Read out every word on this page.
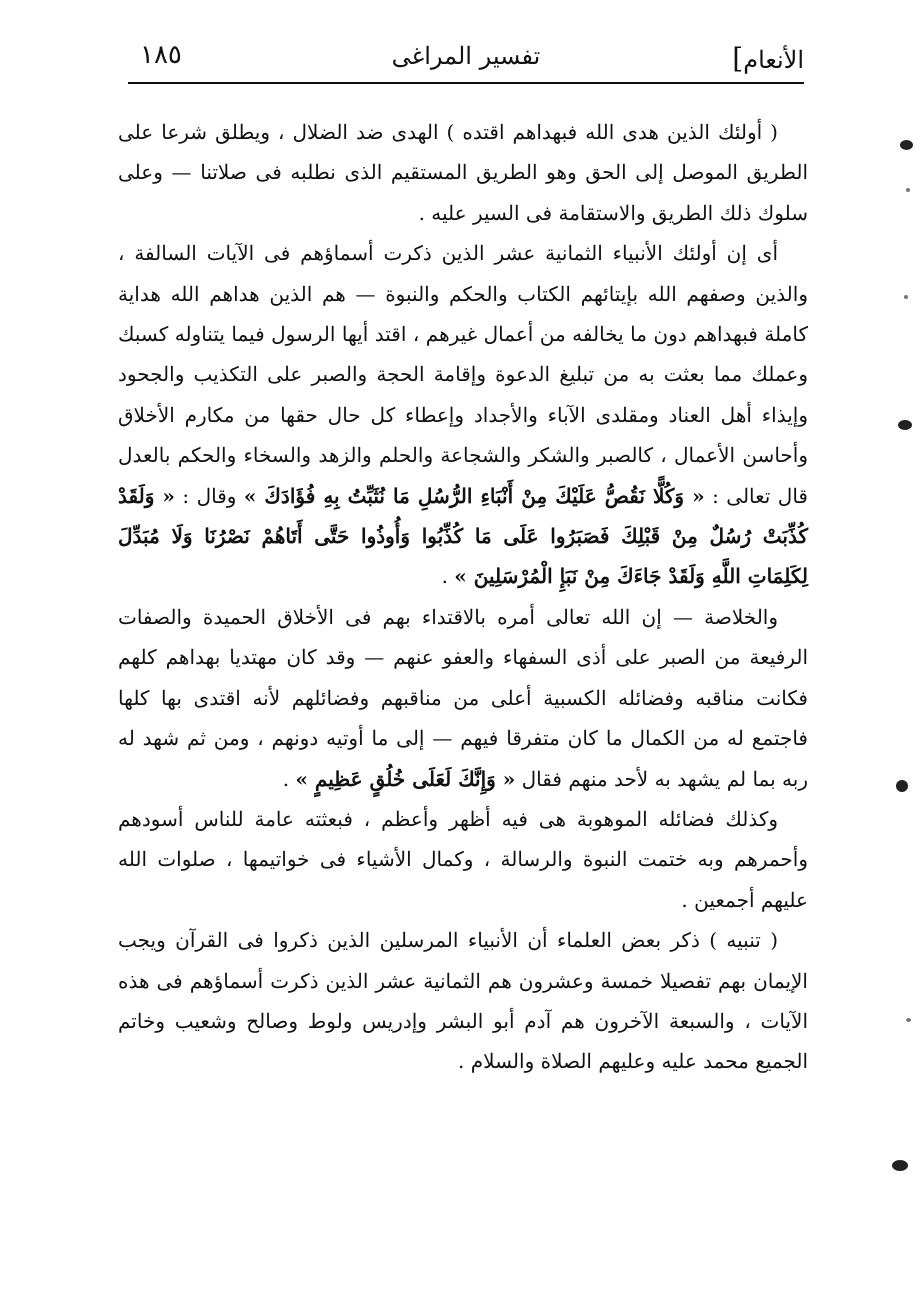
الأنعام]
تفسير المراغى
١٨٥

( أولئك الذين هدى الله فبهداهم اقتده ) الهدى ضد الضلال ، ويطلق شرعا على الطريق الموصل إلى الحق وهو الطريق المستقيم الذى نطلبه فى صلاتنا — وعلى سلوك ذلك الطريق والاستقامة فى السير عليه .

أى إن أولئك الأنبياء الثمانية عشر الذين ذكرت أسماؤهم فى الآيات السالفة ، والذين وصفهم الله بإيتائهم الكتاب والحكم والنبوة — هم الذين هداهم الله هداية كاملة فبهداهم دون ما يخالفه من أعمال غيرهم ، اقتد أيها الرسول فيما يتناوله كسبك وعملك مما بعثت به من تبليغ الدعوة وإقامة الحجة والصبر على التكذيب والجحود وإيذاء أهل العناد ومقلدى الآباء والأجداد وإعطاء كل حال حقها من مكارم الأخلاق وأحاسن الأعمال ، كالصبر والشكر والشجاعة والحلم والزهد والسخاء والحكم بالعدل قال تعالى : « وَكُلًّا نَقُصُّ عَلَيْكَ مِنْ أَنْبَاءِ الرُّسُلِ مَا نُثَبِّتُ بِهِ فُؤَادَكَ » وقال : « وَلَقَدْ كُذِّبَتْ رُسُلٌ مِنْ قَبْلِكَ فَصَبَرُوا عَلَى مَا كُذِّبُوا وَأُوذُوا حَتَّى أَتَاهُمْ نَصْرُنَا وَلَا مُبَدِّلَ لِكَلِمَاتِ اللَّهِ وَلَقَدْ جَاءَكَ مِنْ نَبَإِ الْمُرْسَلِينَ » .

والخلاصة — إن الله تعالى أمره بالاقتداء بهم فى الأخلاق الحميدة والصفات الرفيعة من الصبر على أذى السفهاء والعفو عنهم — وقد كان مهتديا بهداهم كلهم فكانت مناقبه وفضائله الكسبية أعلى من مناقبهم وفضائلهم لأنه اقتدى بها كلها فاجتمع له من الكمال ما كان متفرقا فيهم — إلى ما أوتيه دونهم ، ومن ثم شهد له ربه بما لم يشهد به لأحد منهم فقال « وَإِنَّكَ لَعَلَى خُلُقٍ عَظِيمٍ » .

وكذلك فضائله الموهوبة هى فيه أظهر وأعظم ، فبعثته عامة للناس أسودهم وأحمرهم وبه ختمت النبوة والرسالة ، وكمال الأشياء فى خواتيمها ، صلوات الله عليهم أجمعين .

( تنبيه ) ذكر بعض العلماء أن الأنبياء المرسلين الذين ذكروا فى القرآن ويجب الإيمان بهم تفصيلا خمسة وعشرون هم الثمانية عشر الذين ذكرت أسماؤهم فى هذه الآيات ، والسبعة الآخرون هم آدم أبو البشر وإدريس ولوط وصالح وشعيب وخاتم الجميع محمد عليه وعليهم الصلاة والسلام .
